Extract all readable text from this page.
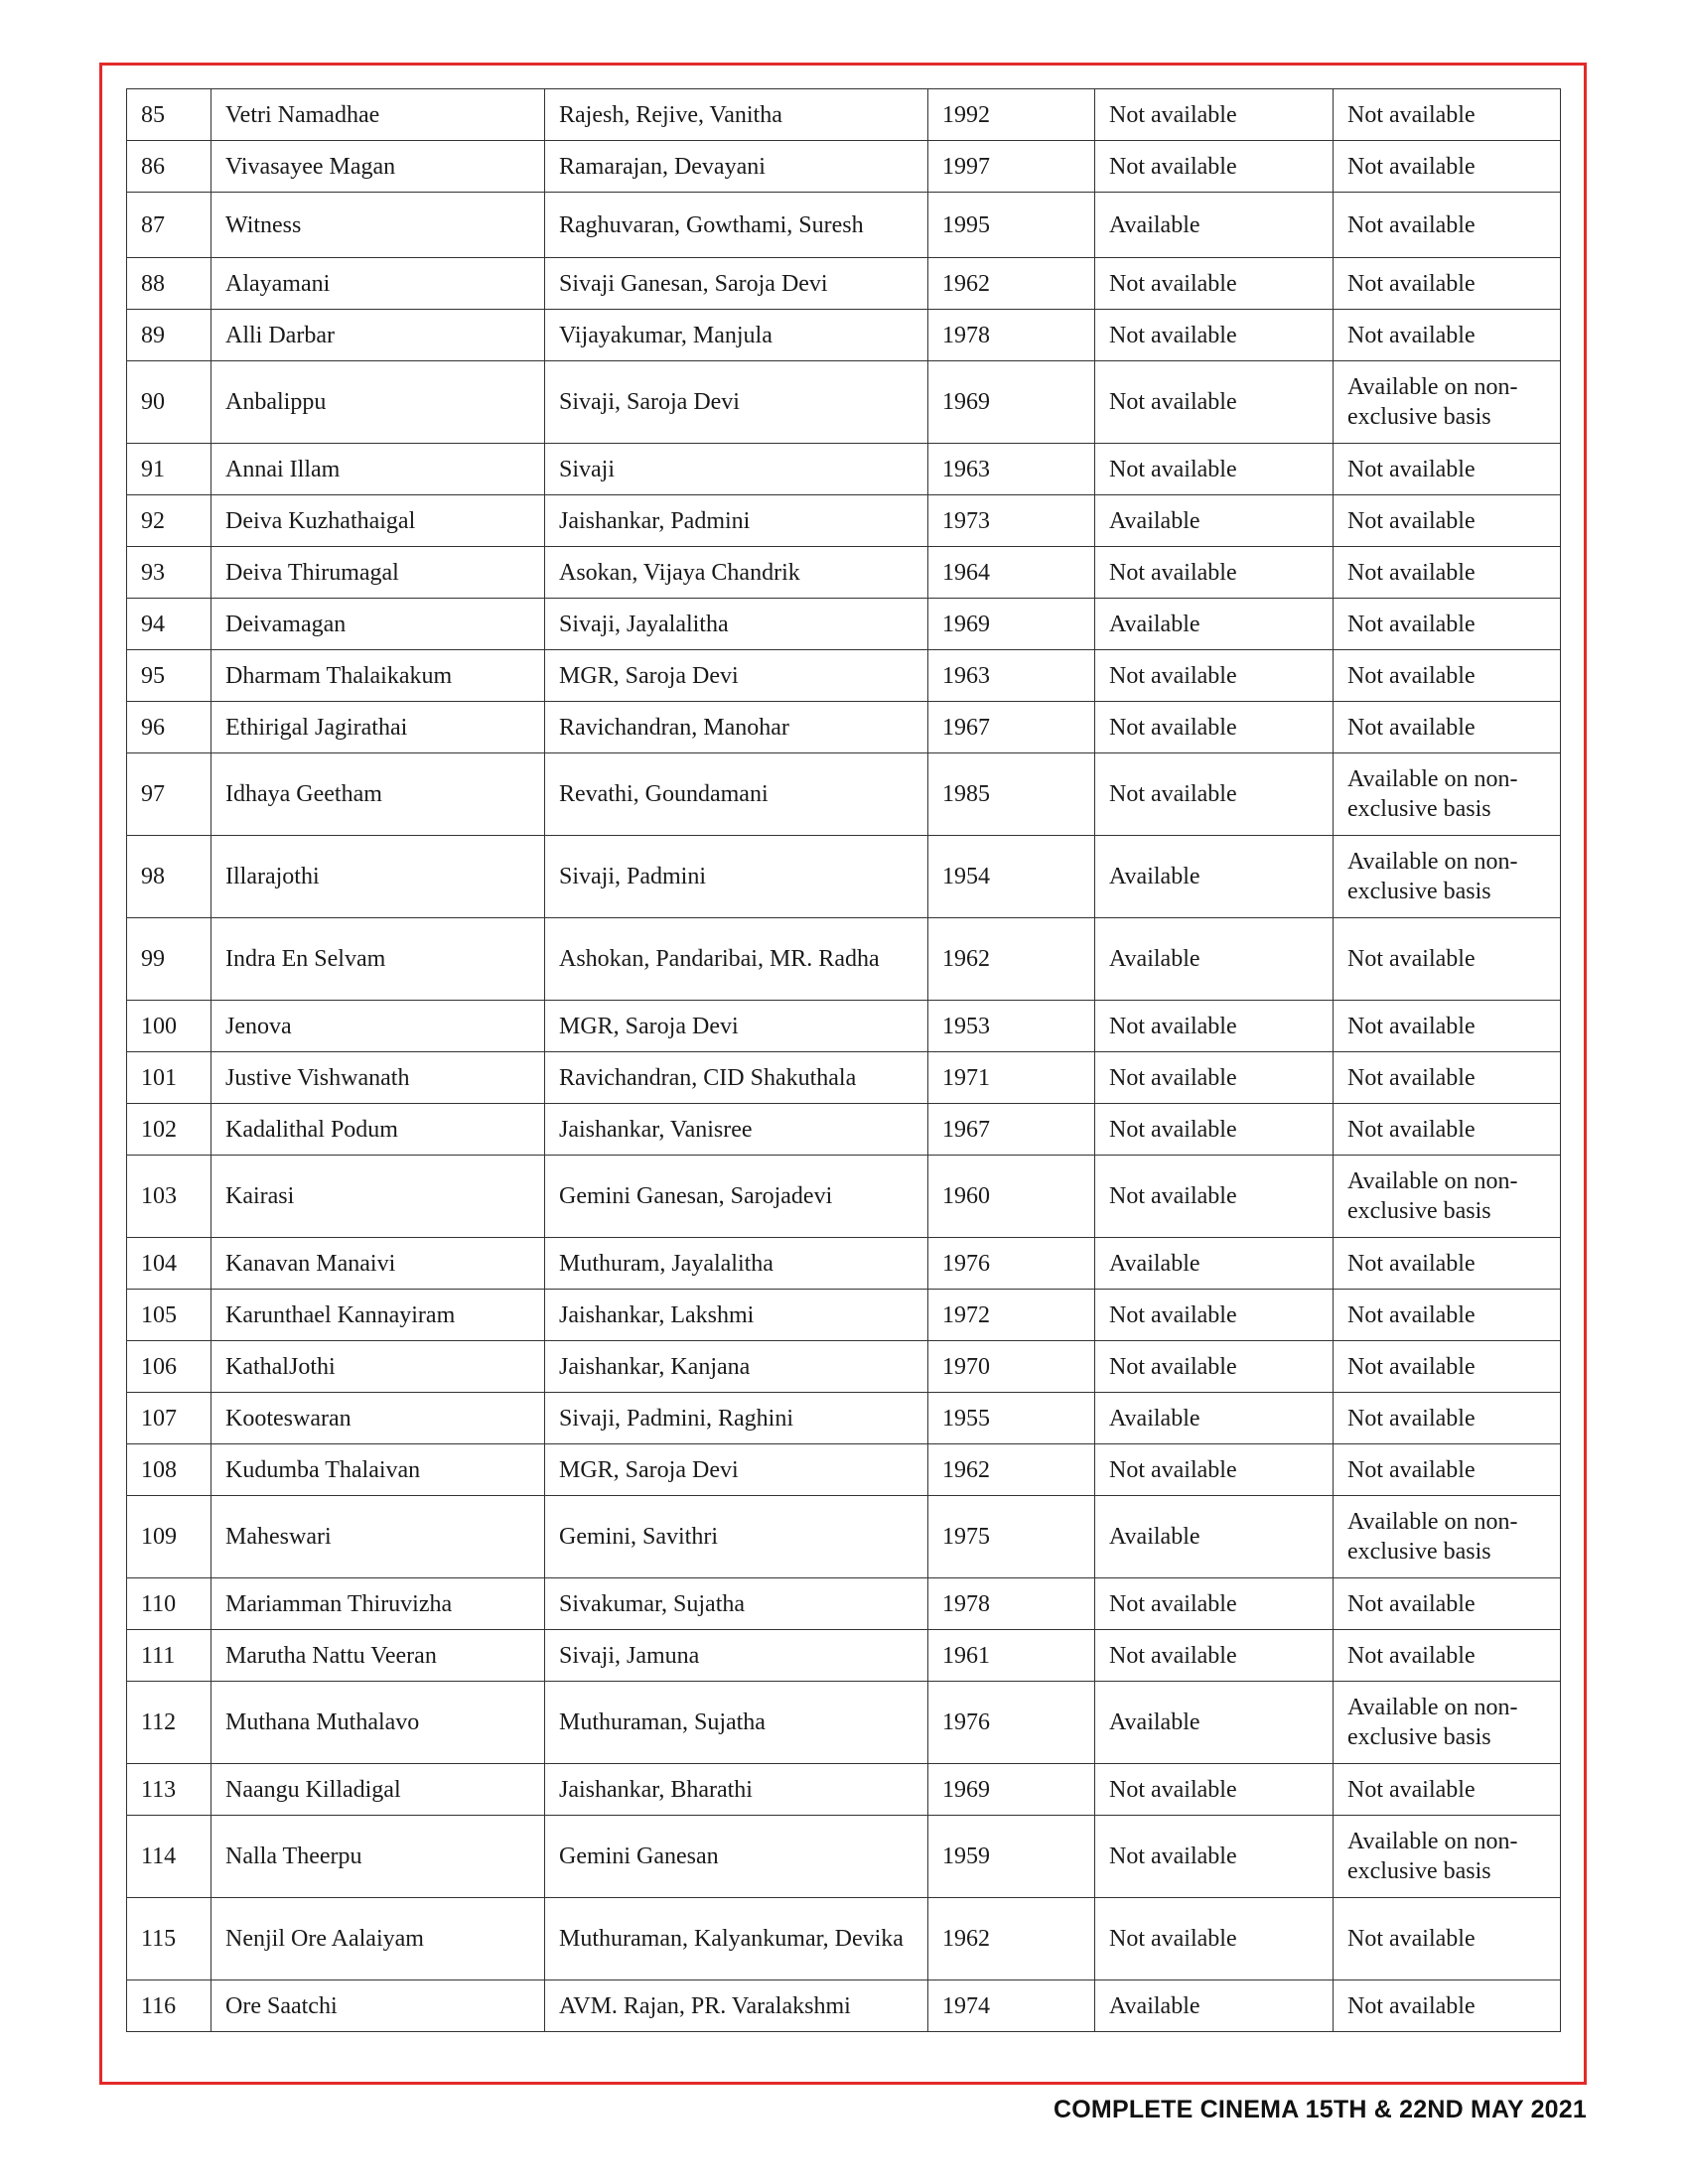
85	Vetri Namadhae	Rajesh, Rejive, Vanitha	1992	Not available	Not available
86	Vivasayee Magan	Ramarajan, Devayani	1997	Not available	Not available
87	Witness	Raghuvaran, Gowthami, Suresh	1995	Available	Not available
88	Alayamani	Sivaji Ganesan, Saroja Devi	1962	Not available	Not available
89	Alli Darbar	Vijayakumar, Manjula	1978	Not available	Not available
90	Anbalippu	Sivaji, Saroja Devi	1969	Not available	Available on non-exclusive basis
91	Annai Illam	Sivaji	1963	Not available	Not available
92	Deiva Kuzhathaigal	Jaishankar, Padmini	1973	Available	Not available
93	Deiva Thirumagal	Asokan, Vijaya Chandrik	1964	Not available	Not available
94	Deivamagan	Sivaji, Jayalalitha	1969	Available	Not available
95	Dharmam Thalaikakum	MGR, Saroja Devi	1963	Not available	Not available
96	Ethirigal Jagirathai	Ravichandran, Manohar	1967	Not available	Not available
97	Idhaya Geetham	Revathi, Goundamani	1985	Not available	Available on non-exclusive basis
98	Illarajothi	Sivaji, Padmini	1954	Available	Available on non-exclusive basis
99	Indra En Selvam	Ashokan, Pandaribai, MR. Radha	1962	Available	Not available
100	Jenova	MGR, Saroja Devi	1953	Not available	Not available
101	Justive Vishwanath	Ravichandran, CID Shakuthala	1971	Not available	Not available
102	Kadalithal Podum	Jaishankar, Vanisree	1967	Not available	Not available
103	Kairasi	Gemini Ganesan, Sarojadevi	1960	Not available	Available on non-exclusive basis
104	Kanavan Manaivi	Muthuram, Jayalalitha	1976	Available	Not available
105	Karunthael Kannayiram	Jaishankar, Lakshmi	1972	Not available	Not available
106	KathalJothi	Jaishankar, Kanjana	1970	Not available	Not available
107	Kooteswaran	Sivaji, Padmini, Raghini	1955	Available	Not available
108	Kudumba Thalaivan	MGR, Saroja Devi	1962	Not available	Not available
109	Maheswari	Gemini, Savithri	1975	Available	Available on non-exclusive basis
110	Mariamman Thiruvizha	Sivakumar, Sujatha	1978	Not available	Not available
111	Marutha Nattu Veeran	Sivaji, Jamuna	1961	Not available	Not available
112	Muthana Muthalavo	Muthuraman, Sujatha	1976	Available	Available on non-exclusive basis
113	Naangu Killadigal	Jaishankar, Bharathi	1969	Not available	Not available
114	Nalla Theerpu	Gemini Ganesan	1959	Not available	Available on non-exclusive basis
115	Nenjil Ore Aalaiyam	Muthuraman, Kalyankumar, Devika	1962	Not available	Not available
116	Ore Saatchi	AVM. Rajan, PR. Varalakshmi	1974	Available	Not available
COMPLETE CINEMA 15TH & 22ND MAY 2021
